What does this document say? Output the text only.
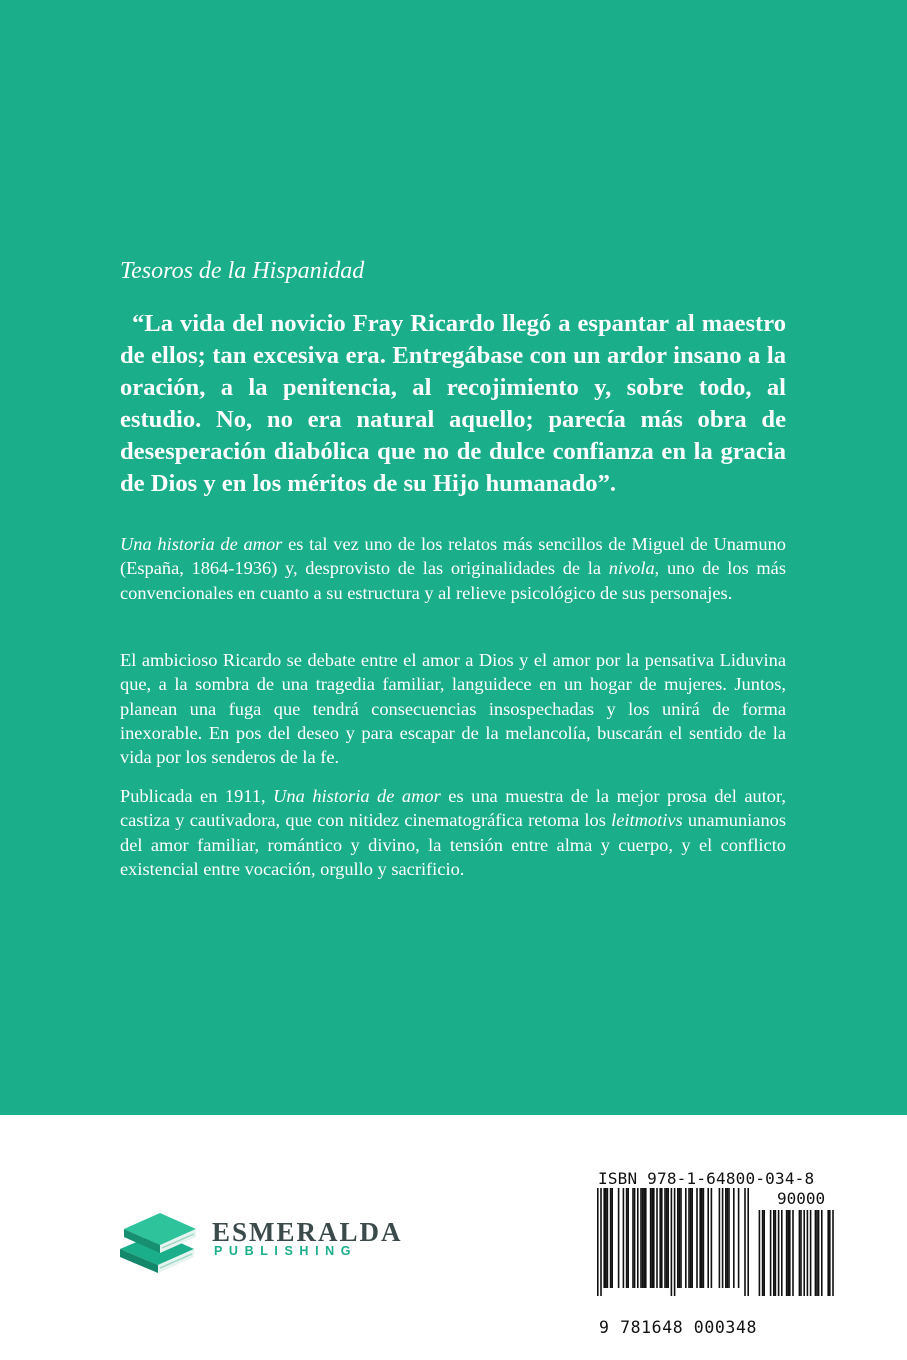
Tesoros de la Hispanidad

“La vida del novicio Fray Ricardo llegó a espantar al maestro de ellos; tan excesiva era. Entregábase con un ardor insano a la oración, a la penitencia, al recojimiento y, sobre todo, al estudio. No, no era natural aquello; parecía más obra de desesperación diabólica que no de dulce confianza en la gracia de Dios y en los méritos de su Hijo humanado”.

Una historia de amor es tal vez uno de los relatos más sencillos de Miguel de Unamuno (España, 1864-1936) y, desprovisto de las originalidades de la nivola, uno de los más convencionales en cuanto a su estructura y al relieve psicológico de sus personajes.

El ambicioso Ricardo se debate entre el amor a Dios y el amor por la pensativa Liduvina que, a la sombra de una tragedia familiar, languidece en un hogar de mujeres. Juntos, planean una fuga que tendrá consecuencias insospechadas y los unirá de forma inexorable. En pos del deseo y para escapar de la melancolía, buscarán el sentido de la vida por los senderos de la fe.

Publicada en 1911, Una historia de amor es una muestra de la mejor prosa del autor, castiza y cautivadora, que con nitidez cinematográfica retoma los leitmotivs unamunianos del amor familiar, romántico y divino, la tensión entre alma y cuerpo, y el conflicto existencial entre vocación, orgullo y sacrificio.

ESMERALDA

PUBLISHING

ISBN 978-1-64800-034-8

90000

9 781648 000348
